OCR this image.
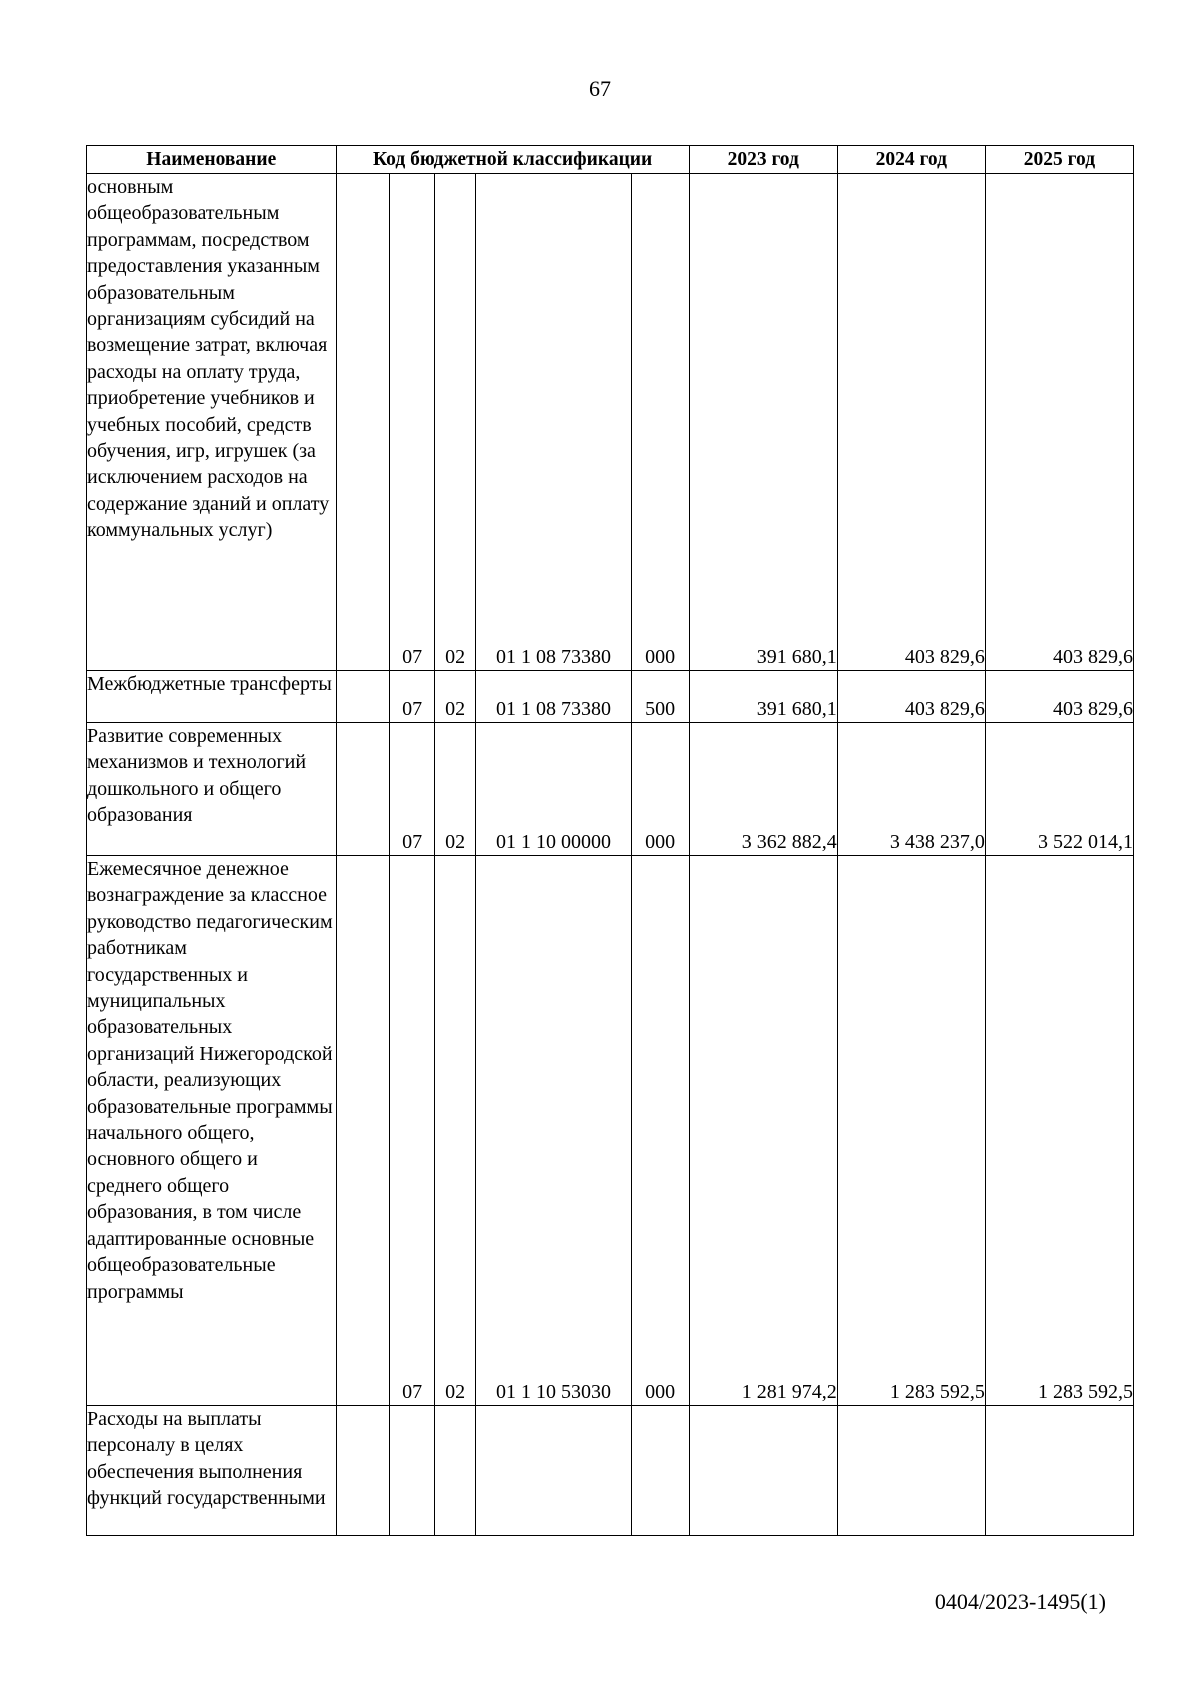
67
Наименование	Код бюджетной классификации					2023 год	2024 год	2025 год
основным общеобразовательным программам, посредством предоставления указанным образовательным организациям субсидий на возмещение затрат, включая расходы на оплату труда, приобретение учебников и учебных пособий, средств обучения, игр, игрушек (за исключением расходов на содержание зданий и оплату коммунальных услуг)		07	02	01 1 08 73380	000	391 680,1	403 829,6	403 829,6
Межбюджетные трансферты		07	02	01 1 08 73380	500	391 680,1	403 829,6	403 829,6
Развитие современных механизмов и технологий дошкольного и общего образования		07	02	01 1 10 00000	000	3 362 882,4	3 438 237,0	3 522 014,1
Ежемесячное денежное вознаграждение за классное руководство педагогическим работникам государственных и муниципальных образовательных организаций Нижегородской области, реализующих образовательные программы начального общего, основного общего и среднего общего образования, в том числе адаптированные основные общеобразовательные программы		07	02	01 1 10 53030	000	1 281 974,2	1 283 592,5	1 283 592,5
Расходы на выплаты персоналу в целях обеспечения выполнения функций государственными								
0404/2023-1495(1)
